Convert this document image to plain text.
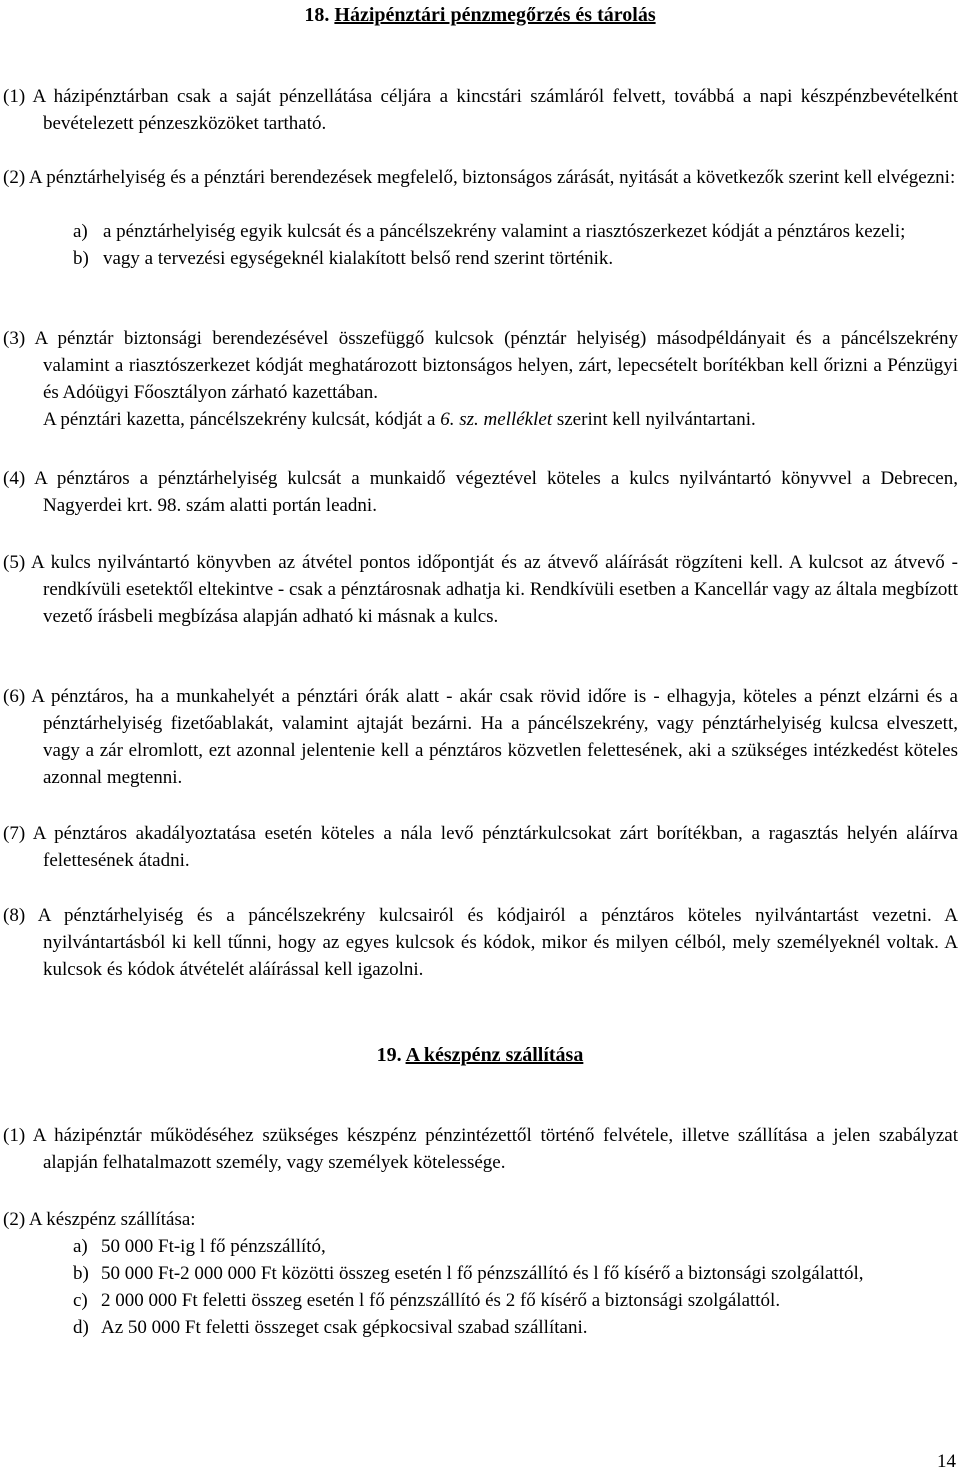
18. Házipénztári pénzmegőrzés és tárolás

(1) A házipénztárban csak a saját pénzellátása céljára a kincstári számláról felvett, továbbá a napi készpénzbevételként bevételezett pénzeszközöket tartható.

(2) A pénztárhelyiség és a pénztári berendezések megfelelő, biztonságos zárását, nyitását a következők szerint kell elvégezni:

a) a pénztárhelyiség egyik kulcsát és a páncélszekrény valamint a riasztószerkezet kódját a pénztáros kezeli;
b) vagy a tervezési egységeknél kialakított belső rend szerint történik.
(3) A pénztár biztonsági berendezésével összefüggő kulcsok (pénztár helyiség) másodpéldányait és a páncélszekrény valamint a riasztószerkezet kódját meghatározott biztonságos helyen, zárt, lepecsételt borítékban kell őrizni a Pénzügyi és Adóügyi Főosztályon zárható kazettában.
A pénztári kazetta, páncélszekrény kulcsát, kódját a 6. sz. melléklet szerint kell nyilvántartani.

(4) A pénztáros a pénztárhelyiség kulcsát a munkaidő végeztével köteles a kulcs nyilvántartó könyvvel a Debrecen, Nagyerdei krt. 98. szám alatti portán leadni.

(5) A kulcs nyilvántartó könyvben az átvétel pontos időpontját és az átvevő aláírását rögzíteni kell. A kulcsot az átvevő - rendkívüli esetektől eltekintve - csak a pénztárosnak adhatja ki. Rendkívüli esetben a Kancellár vagy az általa megbízott vezető írásbeli megbízása alapján adható ki másnak a kulcs.

(6) A pénztáros, ha a munkahelyét a pénztári órák alatt - akár csak rövid időre is - elhagyja, köteles a pénzt elzárni és a pénztárhelyiség fizetőablakát, valamint ajtaját bezárni. Ha a páncélszekrény, vagy pénztárhelyiség kulcsa elveszett, vagy a zár elromlott, ezt azonnal jelentenie kell a pénztáros közvetlen felettesének, aki a szükséges intézkedést köteles azonnal megtenni.

(7) A pénztáros akadályoztatása esetén köteles a nála levő pénztárkulcsokat zárt borítékban, a ragasztás helyén aláírva felettesének átadni.

(8) A pénztárhelyiség és a páncélszekrény kulcsairól és kódjairól a pénztáros köteles nyilvántartást vezetni. A nyilvántartásból ki kell tűnni, hogy az egyes kulcsok és kódok, mikor és milyen célból, mely személyeknél voltak. A kulcsok és kódok átvételét aláírással kell igazolni.

19. A készpénz szállítása

(1) A házipénztár működéséhez szükséges készpénz pénzintézettől történő felvétele, illetve szállítása a jelen szabályzat alapján felhatalmazott személy, vagy személyek kötelessége.

(2) A készpénz szállítása:

a) 50 000 Ft-ig l fő pénzszállító,
b) 50 000 Ft-2 000 000 Ft közötti összeg esetén l fő pénzszállító és l fő kísérő a biztonsági szolgálattól,
c) 2 000 000 Ft feletti összeg esetén l fő pénzszállító és 2 fő kísérő a biztonsági szolgálattól.
d) Az 50 000 Ft feletti összeget csak gépkocsival szabad szállítani.
14
